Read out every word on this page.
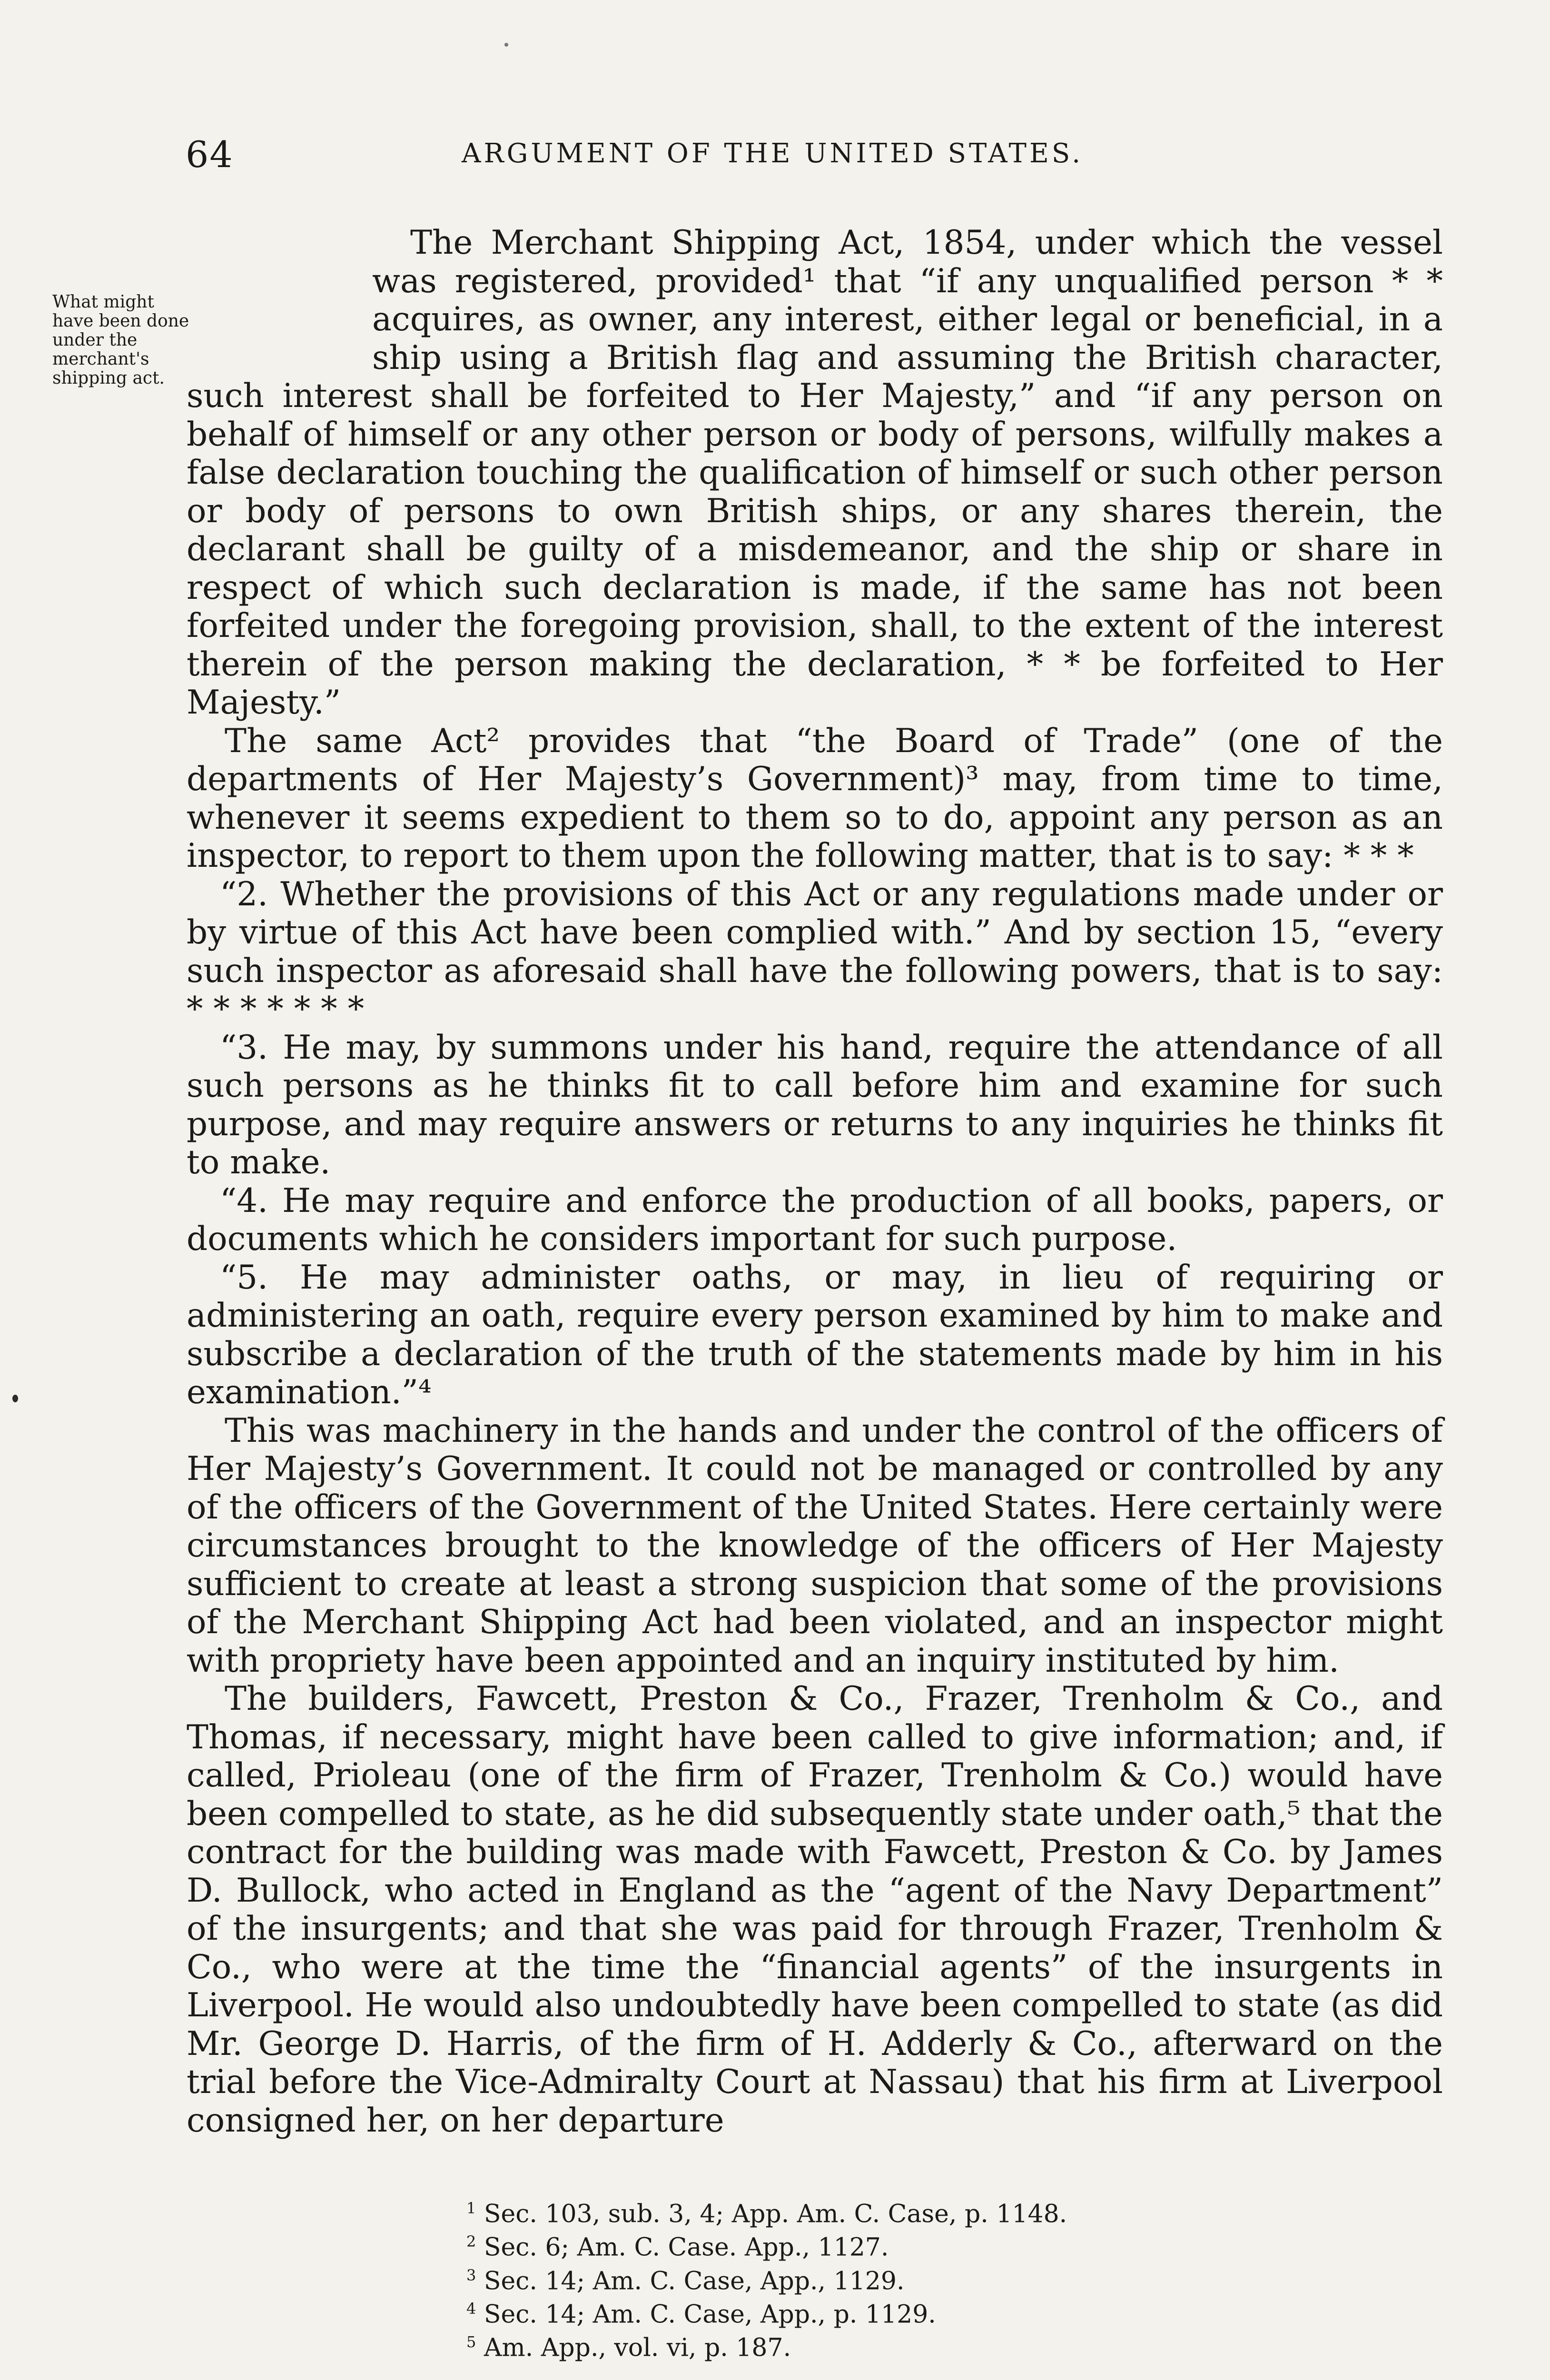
64	ARGUMENT OF THE UNITED STATES.
What might have been done under the merchant's shipping act.

The Merchant Shipping Act, 1854, under which the vessel was registered, provided¹ that “if any unqualified person * * acquires, as owner, any interest, either legal or beneficial, in a ship using a British flag and assuming the British character, such interest shall be forfeited to Her Majesty,” and “if any person on behalf of himself or any other person or body of persons, wilfully makes a false declaration touching the qualification of himself or such other person or body of persons to own British ships, or any shares therein, the declarant shall be guilty of a misdemeanor, and the ship or share in respect of which such declaration is made, if the same has not been forfeited under the foregoing provision, shall, to the extent of the interest therein of the person making the declaration, * * be forfeited to Her Majesty.”

The same Act² provides that “the Board of Trade” (one of the departments of Her Majesty’s Government)³ may, from time to time, whenever it seems expedient to them so to do, appoint any person as an inspector, to report to them upon the following matter, that is to say: * * *

“2. Whether the provisions of this Act or any regulations made under or by virtue of this Act have been complied with.” And by section 15, “every such inspector as aforesaid shall have the following powers, that is to say: * * * * * * *

“3. He may, by summons under his hand, require the attendance of all such persons as he thinks fit to call before him and examine for such purpose, and may require answers or returns to any inquiries he thinks fit to make.

“4. He may require and enforce the production of all books, papers, or documents which he considers important for such purpose.

“5. He may administer oaths, or may, in lieu of requiring or administering an oath, require every person examined by him to make and subscribe a declaration of the truth of the statements made by him in his examination.”⁴

This was machinery in the hands and under the control of the officers of Her Majesty’s Government. It could not be managed or controlled by any of the officers of the Government of the United States. Here certainly were circumstances brought to the knowledge of the officers of Her Majesty sufficient to create at least a strong suspicion that some of the provisions of the Merchant Shipping Act had been violated, and an inspector might with propriety have been appointed and an inquiry instituted by him.

The builders, Fawcett, Preston & Co., Frazer, Trenholm & Co., and Thomas, if necessary, might have been called to give information; and, if called, Prioleau (one of the firm of Frazer, Trenholm & Co.) would have been compelled to state, as he did subsequently state under oath,⁵ that the contract for the building was made with Fawcett, Preston & Co. by James D. Bullock, who acted in England as the “agent of the Navy Department” of the insurgents; and that she was paid for through Frazer, Trenholm & Co., who were at the time the “financial agents” of the insurgents in Liverpool. He would also undoubtedly have been compelled to state (as did Mr. George D. Harris, of the firm of H. Adderly & Co., afterward on the trial before the Vice-Admiralty Court at Nassau) that his firm at Liverpool consigned her, on her departure

$^1$ Sec. 103, sub. 3, 4; App. Am. C. Case, p. 1148.

$^2$ Sec. 6; Am. C. Case. App., 1127.

$^3$ Sec. 14; Am. C. Case, App., 1129.

$^4$ Sec. 14; Am. C. Case, App., p. 1129.

$^5$ Am. App., vol. vi, p. 187.
